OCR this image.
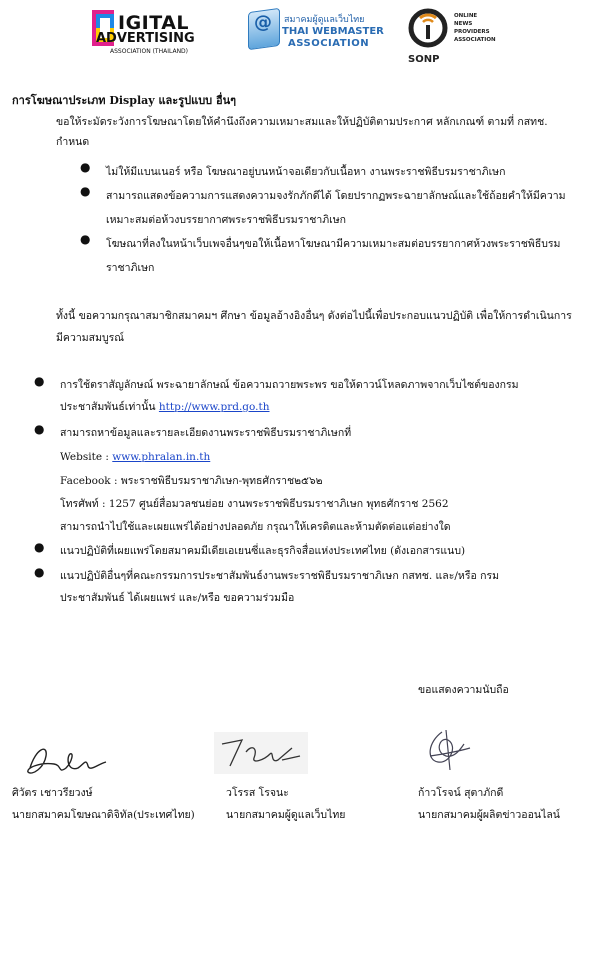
IGITAL
ADVERTISING
ASSOCIATION (THAILAND)
@ สมาคมผู้ดูแลเว็บไทย
THAI WEBMASTER
ASSOCIATION
ONLINE
NEWS
PROVIDERS
ASSOCIATION
SONP
การโฆษณาประเภท Display และรูปแบบ อื่นๆ
ขอให้ระมัดระวังการโฆษณาโดยให้คำนึงถึงความเหมาะสมและให้ปฏิบัติตามประกาศ หลักเกณฑ์ ตามที่ กสทช. กำหนด
● ไม่ให้มีแบนเนอร์ หรือ โฆษณาอยู่บนหน้าจอเดียวกับเนื้อหา งานพระราชพิธีบรมราชาภิเษก
● สามารถแสดงข้อความการแสดงความจงรักภักดีได้ โดยปรากฏพระฉายาลักษณ์และใช้ถ้อยคำให้มีความเหมาะสมต่อห้วงบรรยากาศพระราชพิธีบรมราชาภิเษก
● โฆษณาที่ลงในหน้าเว็บเพจอื่นๆขอให้เนื้อหาโฆษณามีความเหมาะสมต่อบรรยากาศห้วงพระราชพิธีบรมราชาภิเษก
ทั้งนี้ ขอความกรุณาสมาชิกสมาคมฯ ศึกษา ข้อมูลอ้างอิงอื่นๆ ดังต่อไปนี้เพื่อประกอบแนวปฏิบัติ เพื่อให้การดำเนินการมีความสมบูรณ์
● การใช้ตราสัญลักษณ์ พระฉายาลักษณ์ ข้อความถวายพระพร ขอให้ดาวน์โหลดภาพจากเว็บไซต์ของกรมประชาสัมพันธ์เท่านั้น http://www.prd.go.th
● สามารถหาข้อมูลและรายละเอียดงานพระราชพิธีบรมราชาภิเษกที่
Website : www.phralan.in.th
Facebook : พระราชพิธีบรมราชาภิเษก-พุทธศักราช๒๕๖๒
โทรศัพท์ : 1257 ศูนย์สื่อมวลชนย่อย งานพระราชพิธีบรมราชาภิเษก พุทธศักราช 2562
สามารถนำไปใช้และเผยแพร่ได้อย่างปลอดภัย กรุณาให้เครดิตและห้ามตัดต่อแต่อย่างใด
● แนวปฏิบัติที่เผยแพร่โดยสมาคมมีเดียเอเยนซี่และธุรกิจสื่อแห่งประเทศไทย (ดังเอกสารแนบ)
● แนวปฏิบัติอื่นๆที่คณะกรรมการประชาสัมพันธ์งานพระราชพิธีบรมราชาภิเษก กสทช. และ/หรือ กรมประชาสัมพันธ์ ได้เผยแพร่ และ/หรือ ขอความร่วมมือ
ขอแสดงความนับถือ
ศิวัตร เชาวรียวงษ์
นายกสมาคมโฆษณาดิจิทัล(ประเทศไทย)
วโรรส โรจนะ
นายกสมาคมผู้ดูแลเว็บไทย
ก้าวโรจน์ สุตาภักดี
นายกสมาคมผู้ผลิตข่าวออนไลน์
